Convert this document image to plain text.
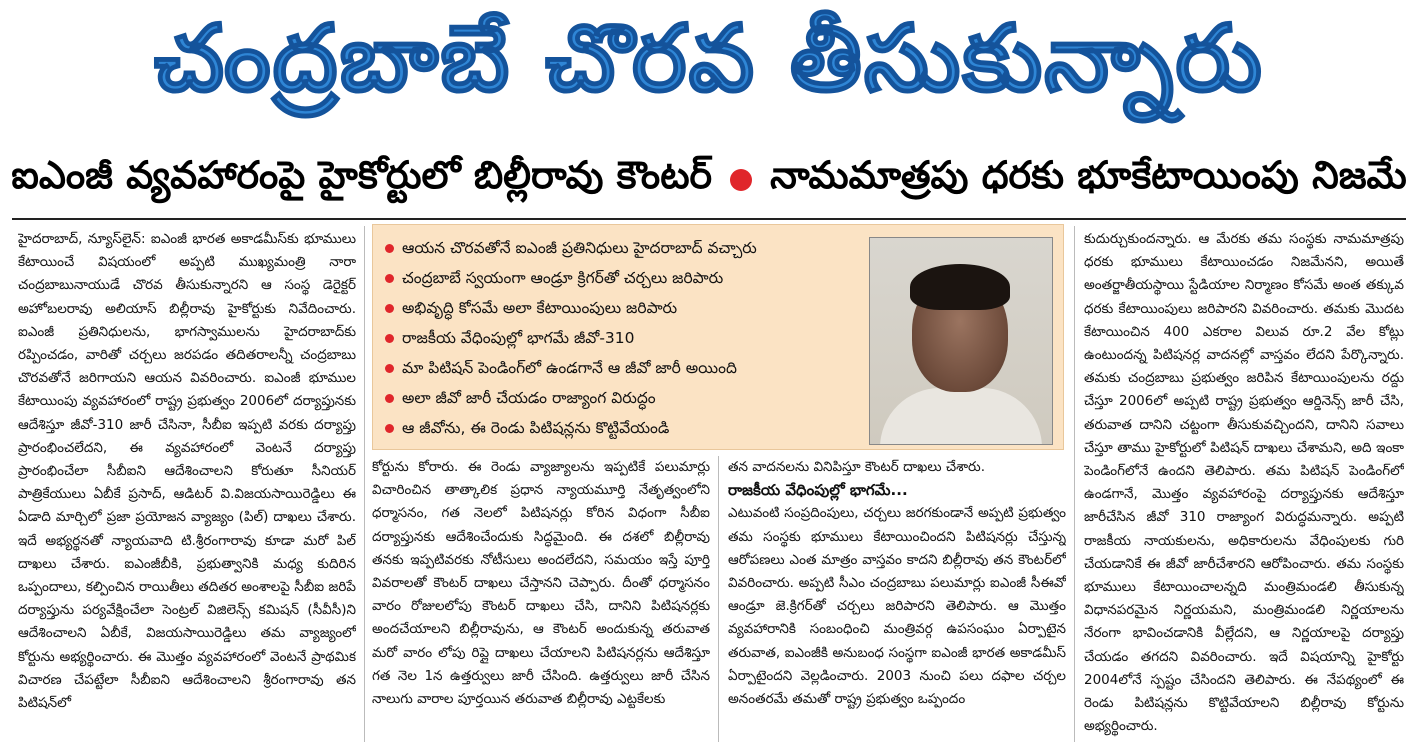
చంద్రబాబే చొరవ తీసుకున్నారు
ఐఎంజీ వ్యవహారంపై హైకోర్టులో బిల్లీరావు కౌంటర్ నామమాత్రపు ధరకు భూకేటాయింపు నిజమే

హైదరాబాద్, న్యూస్‌లైన్: ఐఎంజీ భారత అకాడమీస్‌కు భూములు కేటాయించే విషయంలో అప్పటి ముఖ్యమంత్రి నారా చంద్రబాబునాయుడే చొరవ తీసుకున్నారని ఆ సంస్థ డెరైక్టర్ అహోబలరావు అలియాస్ బిల్లీరావు హైకోర్టుకు నివేదించారు. ఐఎంజీ ప్రతినిధులను, భాగస్వాములను హైదరాబాద్‌కు రప్పించడం, వారితో చర్చలు జరపడం తదితరాలన్నీ చంద్రబాబు చొరవతోనే జరిగాయని ఆయన వివరించారు. ఐఎంజీ భూముల కేటాయింపు వ్యవహారంలో రాష్ట్ర ప్రభుత్వం 2006లో దర్యాప్తునకు ఆదేశిస్తూ జీవో-310 జారీ చేసినా, సీబీఐ ఇప్పటి వరకు దర్యాప్తు ప్రారంభించలేదని, ఈ వ్యవహారంలో వెంటనే దర్యాప్తు ప్రారంభించేలా సీబీఐని ఆదేశించాలని కోరుతూ సీనియర్ పాత్రికేయులు ఏబీకే ప్రసాద్, ఆడిటర్ వి.విజయసాయిరెడ్డిలు ఈ ఏడాది మార్చిలో ప్రజా ప్రయోజన వ్యాజ్యం (పిల్) దాఖలు చేశారు. ఇదే అభ్యర్థనతో న్యాయవాది టి.శ్రీరంగారావు కూడా మరో పిల్ దాఖలు చేశారు. ఐఎంజీబీకి, ప్రభుత్వానికి మధ్య కుదిరిన ఒప్పందాలు, కల్పించిన రాయితీలు తదితర అంశాలపై సీబీఐ జరిపే దర్యాప్తును పర్యవేక్షించేలా సెంట్రల్ విజిలెన్స్ కమిషన్ (సీవీసీ)ని ఆదేశించాలని ఏబీకే, విజయసాయిరెడ్డిలు తమ వ్యాజ్యంలో కోర్టును అభ్యర్థించారు. ఈ మొత్తం వ్యవహారంలో వెంటనే ప్రాథమిక విచారణ చేపట్టేలా సీబీఐని ఆదేశించాలని శ్రీరంగారావు తన పిటిషన్‌లో

ఆయన చొరవతోనే ఐఎంజీ ప్రతినిధులు హైదరాబాద్ వచ్చారు
చంద్రబాబే స్వయంగా ఆండ్రూ క్రిగర్‌తో చర్చలు జరిపారు
అభివృద్ధి కోసమే అలా కేటాయింపులు జరిపారు
రాజకీయ వేధింపుల్లో భాగమే జీవో-310
మా పిటిషన్ పెండింగ్‌లో ఉండగానే ఆ జీవో జారీ అయింది
అలా జీవో జారీ చేయడం రాజ్యాంగ విరుద్ధం
ఆ జీవోను, ఈ రెండు పిటిషన్లను కొట్టివేయండి

కోర్టును కోరారు. ఈ రెండు వ్యాజ్యాలను ఇప్పటికే పలుమార్లు విచారించిన తాత్కాలిక ప్రధాన న్యాయమూర్తి నేతృత్వంలోని ధర్మాసనం, గత నెలలో పిటిషనర్లు కోరిన విధంగా సీబీఐ దర్యాప్తునకు ఆదేశించేందుకు సిద్ధమైంది. ఈ దశలో బిల్లీరావు తనకు ఇప్పటివరకు నోటీసులు అందలేదని, సమయం ఇస్తే పూర్తి వివరాలతో కౌంటర్ దాఖలు చేస్తానని చెప్పారు. దీంతో ధర్మాసనం వారం రోజులలోపు కౌంటర్ దాఖలు చేసి, దానిని పిటిషనర్లకు అందచేయాలని బిల్లీరావును, ఆ కౌంటర్ అందుకున్న తరువాత మరో వారం లోపు రిప్లై దాఖలు చేయాలని పిటిషనర్లను ఆదేశిస్తూ గత నెల 1న ఉత్తర్వులు జారీ చేసింది. ఉత్తర్వులు జారీ చేసిన నాలుగు వారాల పూర్తయిన తరువాత బిల్లీరావు ఎట్టకేలకు

తన వాదనలను వినిపిస్తూ కౌంటర్ దాఖలు చేశారు.

రాజకీయ వేధింపుల్లో భాగమే...

ఎటువంటి సంప్రదింపులు, చర్చలు జరగకుండానే అప్పటి ప్రభుత్వం తమ సంస్థకు భూములు కేటాయించిందని పిటిషనర్లు చేస్తున్న ఆరోపణలు ఎంత మాత్రం వాస్తవం కాదని బిల్లీరావు తన కౌంటర్‌లో వివరించారు. అప్పటి సీఎం చంద్రబాబు పలుమార్లు ఐఎంజీ సీఈవో ఆండ్రూ జె.క్రిగర్‌తో చర్చలు జరిపారని తెలిపారు. ఆ మొత్తం వ్యవహారానికి సంబంధించి మంత్రివర్గ ఉపసంఘం ఏర్పాటైన తరువాత, ఐఎంజీకి అనుబంధ సంస్థగా ఐఎంజీ భారత అకాడమీస్ ఏర్పాటైందని వెల్లడించారు. 2003 నుంచి పలు దఫాల చర్చల అనంతరమే తమతో రాష్ట్ర ప్రభుత్వం ఒప్పందం

కుదుర్చుకుందన్నారు. ఆ మేరకు తమ సంస్థకు నామమాత్రపు ధరకు భూములు కేటాయించడం నిజమేనని, అయితే అంతర్జాతీయస్థాయి స్టేడియాల నిర్మాణం కోసమే అంత తక్కువ ధరకు కేటాయింపులు జరిపారని వివరించారు. తమకు మొదట కేటాయించిన 400 ఎకరాల విలువ రూ.2 వేల కోట్లు ఉంటుందన్న పిటిషనర్ల వాదనల్లో వాస్తవం లేదని పేర్కొన్నారు. తమకు చంద్రబాబు ప్రభుత్వం జరిపిన కేటాయింపులను రద్దు చేస్తూ 2006లో అప్పటి రాష్ట్ర ప్రభుత్వం ఆర్డినెన్స్ జారీ చేసి, తరువాత దానిని చట్టంగా తీసుకువచ్చిందని, దానిని సవాలు చేస్తూ తాము హైకోర్టులో పిటిషన్ దాఖలు చేశామని, అది ఇంకా పెండింగ్‌లోనే ఉందని తెలిపారు. తమ పిటిషన్ పెండింగ్‌లో ఉండగానే, మొత్తం వ్యవహారంపై దర్యాప్తునకు ఆదేశిస్తూ జారీచేసిన జీవో 310 రాజ్యాంగ విరుద్ధమన్నారు. అప్పటి రాజకీయ నాయకులను, అధికారులను వేధింపులకు గురి చేయడానికే ఈ జీవో జారీచేశారని ఆరోపించారు. తమ సంస్థకు భూములు కేటాయించాలన్నది మంత్రిమండలి తీసుకున్న విధానపరమైన నిర్ణయమని, మంత్రిమండలి నిర్ణయాలను నేరంగా భావించడానికి వీల్లేదని, ఆ నిర్ణయాలపై దర్యాప్తు చేయడం తగదని వివరించారు. ఇదే విషయాన్ని హైకోర్టు 2004లోనే స్పష్టం చేసిందని తెలిపారు. ఈ నేపథ్యంలో ఈ రెండు పిటిషన్లను కొట్టివేయాలని బిల్లీరావు కోర్టును అభ్యర్థించారు.
